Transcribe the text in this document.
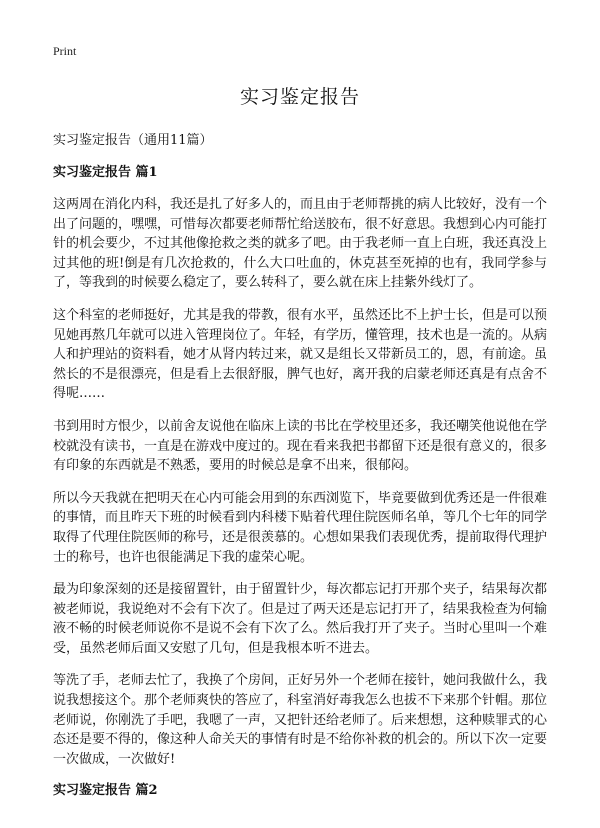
Print
实习鉴定报告
实习鉴定报告（通用11篇）
实习鉴定报告 篇1

这两周在消化内科，我还是扎了好多人的，而且由于老师帮挑的病人比较好，没有一个出了问题的，嘿嘿，可惜每次都要老师帮忙给送胶布，很不好意思。我想到心内可能打针的机会要少，不过其他像抢救之类的就多了吧。由于我老师一直上白班，我还真没上过其他的班!倒是有几次抢救的，什么大口吐血的，休克甚至死掉的也有，我同学参与了，等我到的时候要么稳定了，要么转科了，要么就在床上挂紫外线灯了。

这个科室的老师挺好，尤其是我的带教，很有水平，虽然还比不上护士长，但是可以预见她再熬几年就可以进入管理岗位了。年轻，有学历，懂管理，技术也是一流的。从病人和护理站的资料看，她才从肾内转过来，就又是组长又带新员工的，恩，有前途。虽然长的不是很漂亮，但是看上去很舒服，脾气也好，离开我的启蒙老师还真是有点舍不得呢……

书到用时方恨少，以前舍友说他在临床上读的书比在学校里还多，我还嘲笑他说他在学校就没有读书，一直是在游戏中度过的。现在看来我把书都留下还是很有意义的，很多有印象的东西就是不熟悉，要用的时候总是拿不出来，很郁闷。

所以今天我就在把明天在心内可能会用到的东西浏览下，毕竟要做到优秀还是一件很难的事情，而且昨天下班的时候看到内科楼下贴着代理住院医师名单，等几个七年的同学取得了代理住院医师的称号，还是很羡慕的。心想如果我们表现优秀，提前取得代理护士的称号，也许也很能满足下我的虚荣心呢。

最为印象深刻的还是接留置针，由于留置针少，每次都忘记打开那个夹子，结果每次都被老师说，我说绝对不会有下次了。但是过了两天还是忘记打开了，结果我检查为何输液不畅的时候老师说你不是说不会有下次了么。然后我打开了夹子。当时心里叫一个难受，虽然老师后面又安慰了几句，但是我根本听不进去。

等洗了手，老师去忙了，我换了个房间，正好另外一个老师在接针，她问我做什么，我说我想接这个。那个老师爽快的答应了，科室消好毒我怎么也拔不下来那个针帽。那位老师说，你刚洗了手吧，我嗯了一声，又把针还给老师了。后来想想，这种赎罪式的心态还是要不得的，像这种人命关天的事情有时是不给你补救的机会的。所以下次一定要一次做成，一次做好!

实习鉴定报告 篇2
